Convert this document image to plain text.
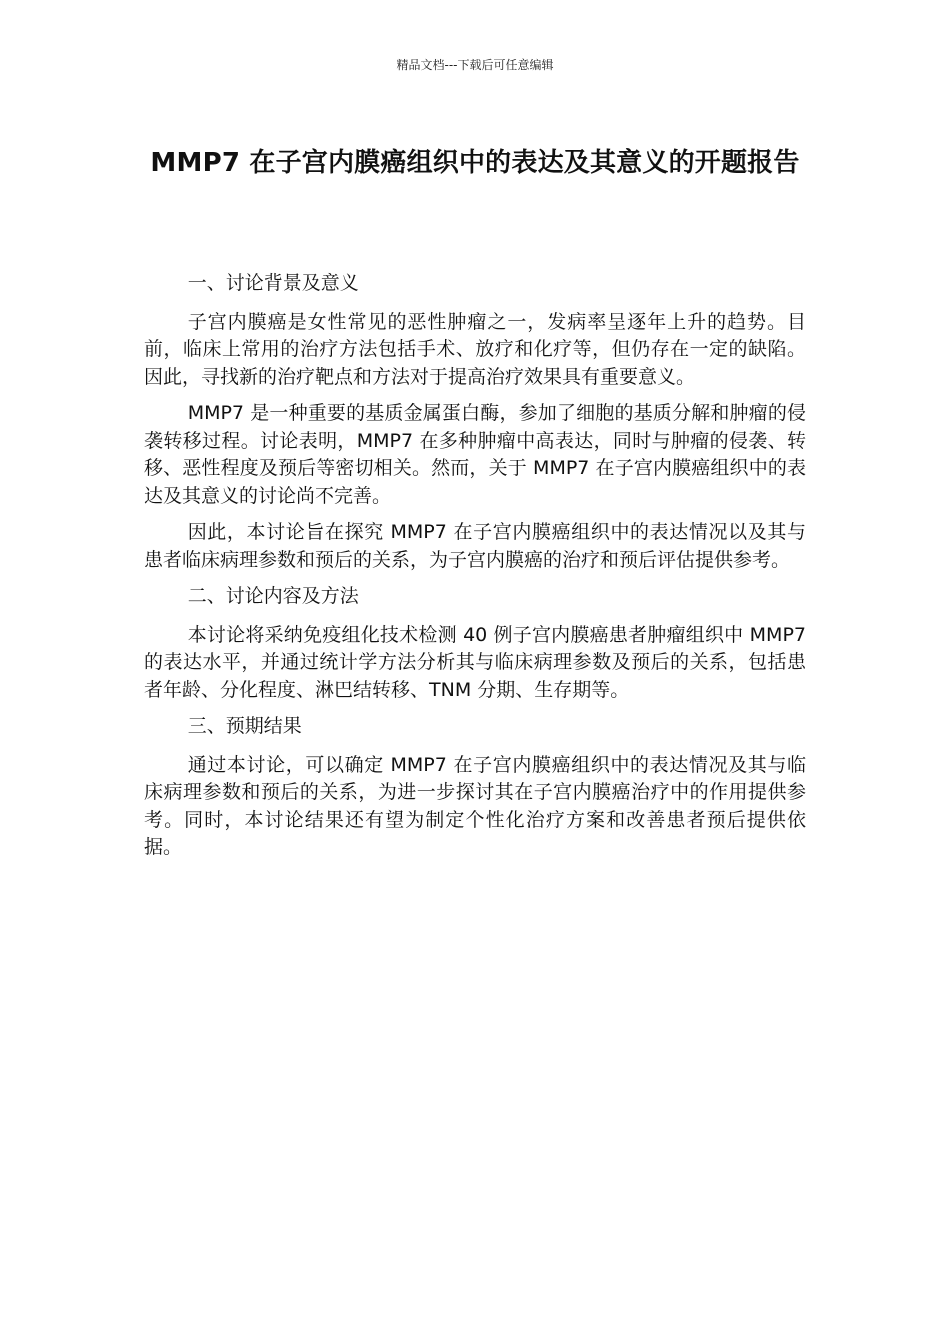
精品文档---下载后可任意编辑
MMP7 在子宫内膜癌组织中的表达及其意义的开题报告

一、讨论背景及意义

子宫内膜癌是女性常见的恶性肿瘤之一，发病率呈逐年上升的趋势。目前，临床上常用的治疗方法包括手术、放疗和化疗等，但仍存在一定的缺陷。因此，寻找新的治疗靶点和方法对于提高治疗效果具有重要意义。

MMP7 是一种重要的基质金属蛋白酶，参加了细胞的基质分解和肿瘤的侵袭转移过程。讨论表明，MMP7 在多种肿瘤中高表达，同时与肿瘤的侵袭、转移、恶性程度及预后等密切相关。然而，关于 MMP7 在子宫内膜癌组织中的表达及其意义的讨论尚不完善。

因此，本讨论旨在探究 MMP7 在子宫内膜癌组织中的表达情况以及其与患者临床病理参数和预后的关系，为子宫内膜癌的治疗和预后评估提供参考。

二、讨论内容及方法

本讨论将采纳免疫组化技术检测 40 例子宫内膜癌患者肿瘤组织中 MMP7 的表达水平，并通过统计学方法分析其与临床病理参数及预后的关系，包括患者年龄、分化程度、淋巴结转移、TNM 分期、生存期等。

三、预期结果

通过本讨论，可以确定 MMP7 在子宫内膜癌组织中的表达情况及其与临床病理参数和预后的关系，为进一步探讨其在子宫内膜癌治疗中的作用提供参考。同时，本讨论结果还有望为制定个性化治疗方案和改善患者预后提供依据。
